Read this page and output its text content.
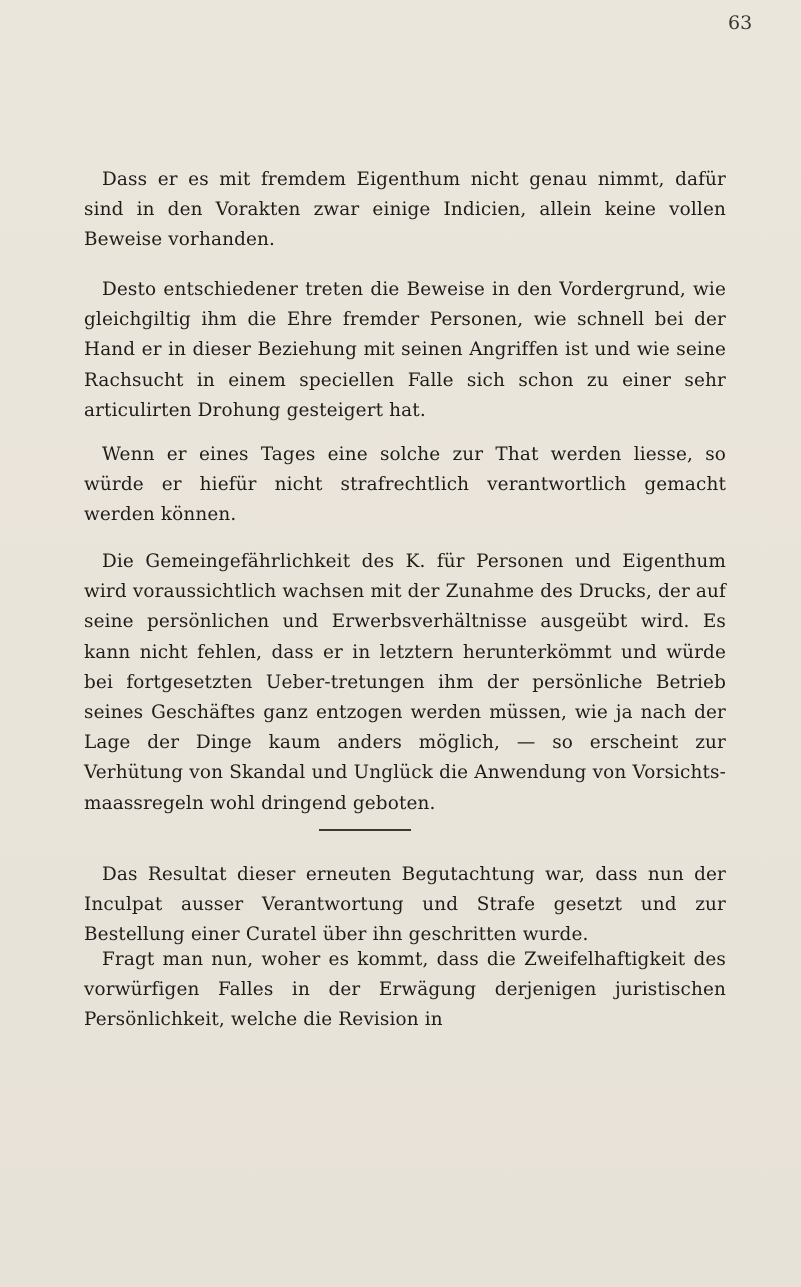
63

Dass er es mit fremdem Eigenthum nicht genau nimmt, dafür sind in den Vorakten zwar einige Indicien, allein keine vollen Beweise vorhanden.

Desto entschiedener treten die Beweise in den Vordergrund, wie gleichgiltig ihm die Ehre fremder Personen, wie schnell bei der Hand er in dieser Beziehung mit seinen Angriffen ist und wie seine Rachsucht in einem speciellen Falle sich schon zu einer sehr articulirten Drohung gesteigert hat.

Wenn er eines Tages eine solche zur That werden liesse, so würde er hiefür nicht strafrechtlich verantwortlich gemacht werden können.

Die Gemeingefährlichkeit des K. für Personen und Eigenthum wird voraussichtlich wachsen mit der Zunahme des Drucks, der auf seine persönlichen und Erwerbsverhältnisse ausgeübt wird. Es kann nicht fehlen, dass er in letztern herunterkömmt und würde bei fortgesetzten Ueber-tretungen ihm der persönliche Betrieb seines Geschäftes ganz entzogen werden müssen, wie ja nach der Lage der Dinge kaum anders möglich, — so erscheint zur Verhütung von Skandal und Unglück die Anwendung von Vorsichts-maassregeln wohl dringend geboten.

Das Resultat dieser erneuten Begutachtung war, dass nun der Inculpat ausser Verantwortung und Strafe gesetzt und zur Bestellung einer Curatel über ihn geschritten wurde.

Fragt man nun, woher es kommt, dass die Zweifelhaftigkeit des vorwürfigen Falles in der Erwägung derjenigen juristischen Persönlichkeit, welche die Revision in
